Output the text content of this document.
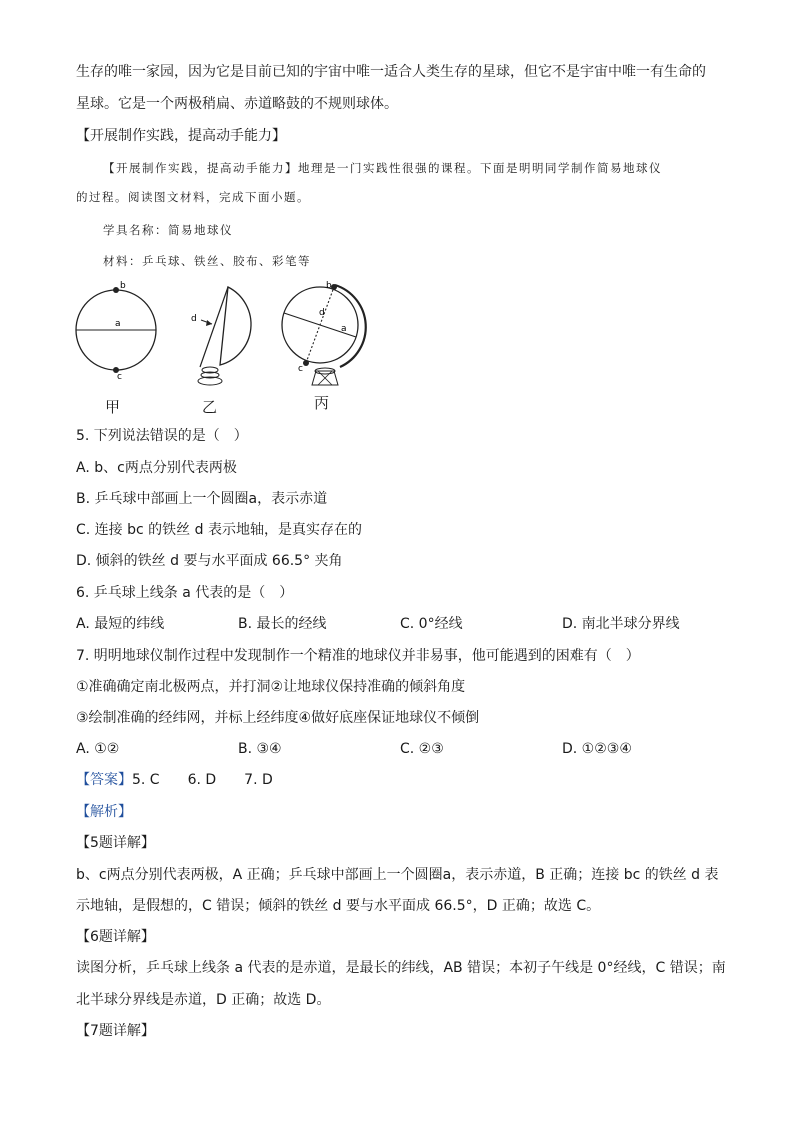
生存的唯一家园，因为它是目前已知的宇宙中唯一适合人类生存的星球，但它不是宇宙中唯一有生命的
星球。它是一个两极稍扁、赤道略鼓的不规则球体。
【开展制作实践，提高动手能力】
【开展制作实践，提高动手能力】地理是一门实践性很强的课程。下面是明明同学制作简易地球仪
的过程。阅读图文材料，完成下面小题。
学具名称：简易地球仪
材料：乒乓球、铁丝、胶布、彩笔等
b
a
c
d
b
d
a
c
甲	乙	丙
5. 下列说法错误的是（　）
A. b、c两点分别代表两极
B. 乒乓球中部画上一个圆圈a，表示赤道
C. 连接 bc 的铁丝 d 表示地轴，是真实存在的
D. 倾斜的铁丝 d 要与水平面成 66.5° 夹角
6. 乒乓球上线条 a 代表的是（　）
A. 最短的纬线	B. 最长的经线	C. 0°经线	D. 南北半球分界线
7. 明明地球仪制作过程中发现制作一个精准的地球仪并非易事，他可能遇到的困难有（　）
①准确确定南北极两点，并打洞②让地球仪保持准确的倾斜角度
③绘制准确的经纬网，并标上经纬度④做好底座保证地球仪不倾倒
A. ①②	B. ③④	C. ②③	D. ①②③④
【答案】5. C　　6. D　　7. D
【解析】
【5题详解】
b、c两点分别代表两极，A 正确；乒乓球中部画上一个圆圈a，表示赤道，B 正确；连接 bc 的铁丝 d 表
示地轴，是假想的，C 错误；倾斜的铁丝 d 要与水平面成 66.5°，D 正确；故选 C。
【6题详解】
读图分析，乒乓球上线条 a 代表的是赤道，是最长的纬线，AB 错误；本初子午线是 0°经线，C 错误；南
北半球分界线是赤道，D 正确；故选 D。
【7题详解】
